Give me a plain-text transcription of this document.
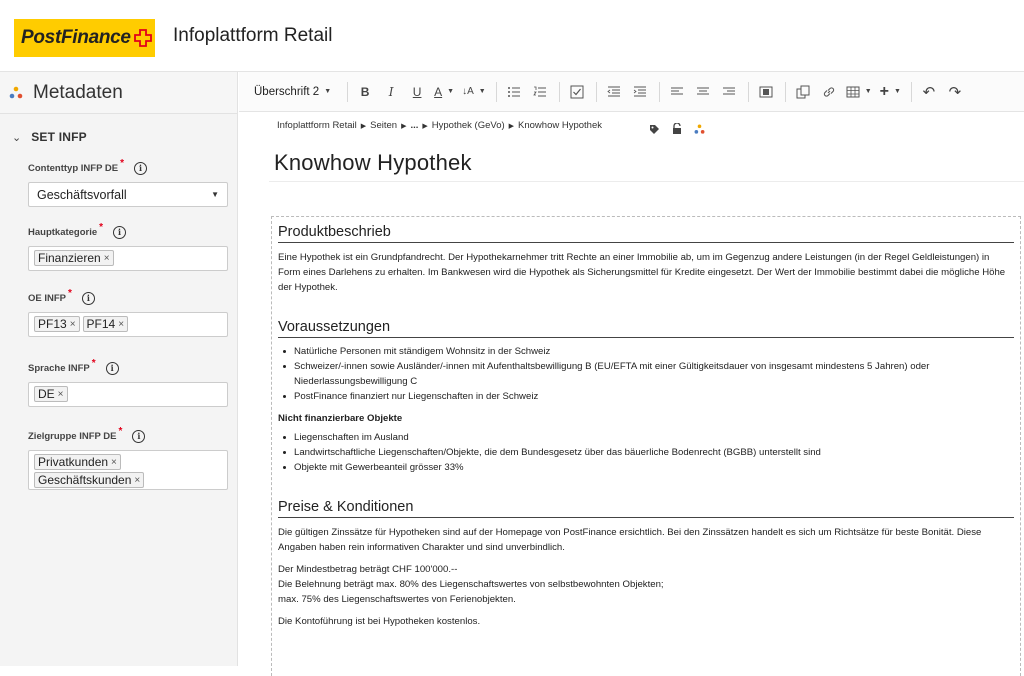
PostFinance Infoplattform Retail
Metadaten
⌄ SET INFP
Contenttyp INFP DE *	i
Geschäftsvorfall	▼
Hauptkategorie *	i
Finanzieren ×
OE INFP *	i
PF13 × PF14 ×
Sprache INFP *	i
DE ×
Zielgruppe INFP DE *	i
Privatkunden ×
Geschäftskunden ×
Überschrift 2 ▼	B	I	U	A ▼ ↓A ▼	▼ + ▼ ↶ ↷
Infoplattform Retail ▶ Seiten ▶ ... ▶ Hypothek (GeVo) ▶ Knowhow Hypothek
Knowhow Hypothek
Produktbeschrieb

Eine Hypothek ist ein Grundpfandrecht. Der Hypothekarnehmer tritt Rechte an einer Immobilie ab, um im Gegenzug andere Leistungen (in der Regel Geldleistungen) in Form eines Darlehens zu erhalten. Im Bankwesen wird die Hypothek als Sicherungsmittel für Kredite eingesetzt. Der Wert der Immobilie bestimmt dabei die mögliche Höhe der Hypothek.

Voraussetzungen
Natürliche Personen mit ständigem Wohnsitz in der Schweiz
Schweizer/-innen sowie Ausländer/-innen mit Aufenthaltsbewilligung B (EU/EFTA mit einer Gültigkeitsdauer von insgesamt mindestens 5 Jahren) oder Niederlassungsbewilligung C
PostFinance finanziert nur Liegenschaften in der Schweiz
Nicht finanzierbare Objekte
Liegenschaften im Ausland
Landwirtschaftliche Liegenschaften/Objekte, die dem Bundesgesetz über das bäuerliche Bodenrecht (BGBB) unterstellt sind
Objekte mit Gewerbeanteil grösser 33%
Preise & Konditionen

Die gültigen Zinssätze für Hypotheken sind auf der Homepage von PostFinance ersichtlich. Bei den Zinssätzen handelt es sich um Richtsätze für beste Bonität. Diese Angaben haben rein informativen Charakter und sind unverbindlich.

Der Mindestbetrag beträgt CHF 100'000.--
Die Belehnung beträgt max. 80% des Liegenschaftswertes von selbstbewohnten Objekten;
max. 75% des Liegenschaftswertes von Ferienobjekten.

Die Kontoführung ist bei Hypotheken kostenlos.
